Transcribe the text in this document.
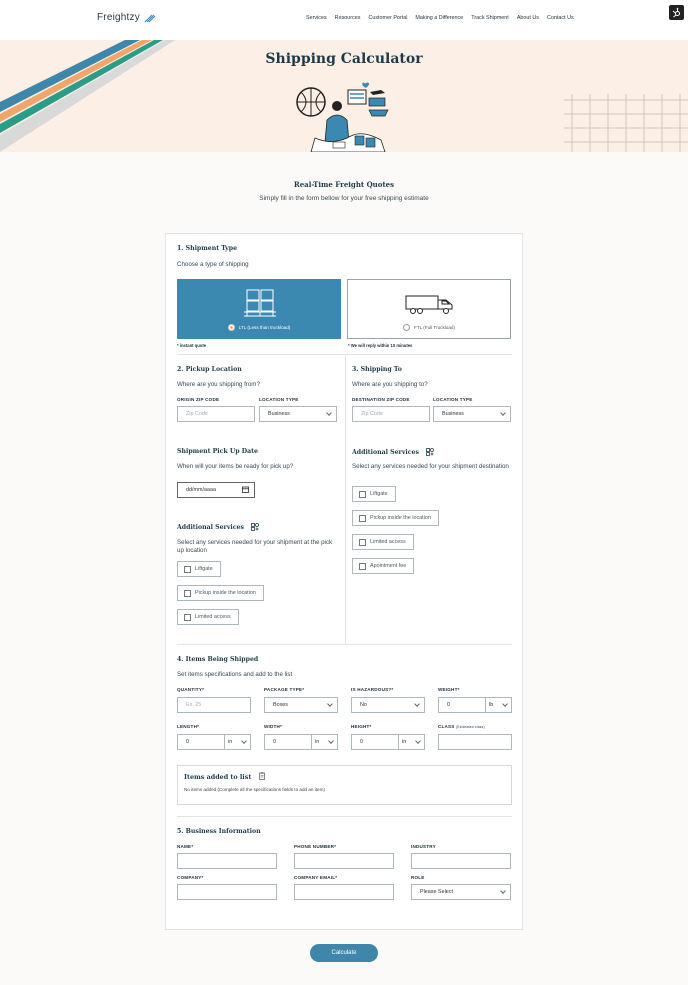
Freightzy	Services Resources Customer Portal Making a Difference Track Shipment About Us Contact Us
Shipping Calculator
Real-Time Freight Quotes
Simply fill in the form bellow for your free shipping estimate
1. Shipment Type
Choose a type of shipping
LTL (Less than truckload)
* instant quote
FTL (Full Truckload)
* We will reply within 10 minutes
2. Pickup Location
Where are you shipping from?
ORIGIN ZIP CODE
Zip Code
LOCATION TYPE
Business
3. Shipping To
Where are you shipping to?
DESTINATION ZIP CODE
Zip Code
LOCATION TYPE
Business
Shipment Pick Up Date
When will your items be ready for pick up?
dd/mm/aaaa
Additional Services
Select any services needed for your shipment at the pick up location
Liftgate
Pickup inside the location
Limited access
Additional Services
Select any services needed for your shipment destination
Liftgate
Pickup inside the location
Limited access
Apointment fee
4. Items Being Shipped
Set items specifications and add to the list
QUANTITY*
Ex. 25
PACKAGE TYPE*
Boxes
IS HAZARDOUS?*
No
WEIGHT*
0	lb
LENGTH*
0	in
WIDTH*
0	in
HEIGHT*
0	in
CLASS (Estimated class)
Items added to list
No items added (Complete all the specifications fields to add an item)
5. Business Information
NAME*	PHONE NUMBER*	INDUSTRY
COMPANY*	COMPANY EMAIL*	ROLE
Please Select
Calculate
